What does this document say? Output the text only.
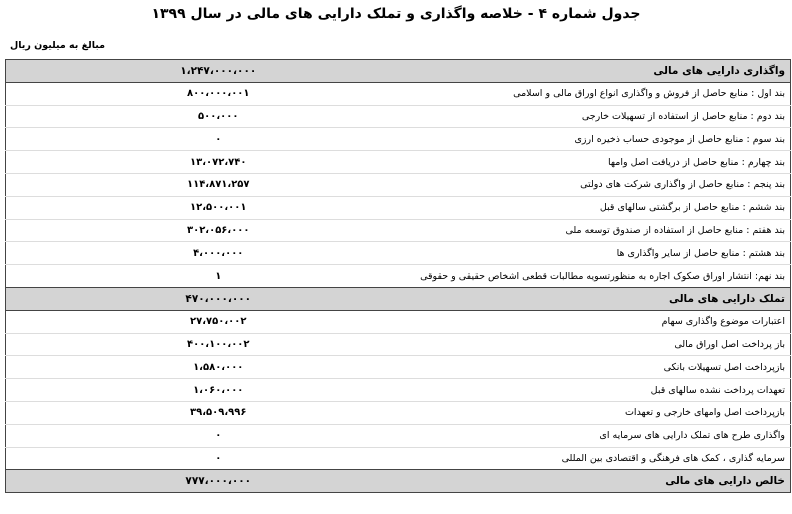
جدول شماره ۴ - خلاصه واگذاری و تملک دارایی های مالی در سال ۱۳۹۹
مبالغ به میلیون ریال
واگذاری دارایی های مالی	۱،۲۴۷،۰۰۰،۰۰۰
بند اول : منابع حاصل از فروش و واگذاری انواع اوراق مالی و اسلامی	۸۰۰،۰۰۰،۰۰۱
بند دوم : منابع حاصل از استفاده از تسهیلات خارجی	۵۰۰،۰۰۰
بند سوم : منابع حاصل از موجودی حساب ذخیره ارزی	۰
بند چهارم : منابع حاصل از دریافت اصل وامها	۱۳،۰۷۲،۷۴۰
بند پنجم : منابع حاصل از واگذاری شرکت های دولتی	۱۱۴،۸۷۱،۲۵۷
بند ششم : منابع حاصل از برگشتی سالهای قبل	۱۲،۵۰۰،۰۰۱
بند هفتم : منابع حاصل از استفاده از صندوق توسعه ملی	۳۰۲،۰۵۶،۰۰۰
بند هشتم : منابع حاصل از سایر واگذاری ها	۴،۰۰۰،۰۰۰
بند نهم: انتشار اوراق صکوک اجاره به منظورتسویه مطالبات قطعی اشخاص حقیقی و حقوقی	۱
تملک دارایی های مالی	۴۷۰،۰۰۰،۰۰۰
اعتبارات موضوع واگذاری سهام	۲۷،۷۵۰،۰۰۲
باز پرداخت اصل اوراق مالی	۴۰۰،۱۰۰،۰۰۲
بازپرداخت اصل تسهیلات بانکی	۱،۵۸۰،۰۰۰
تعهدات پرداخت نشده سالهای قبل	۱،۰۶۰،۰۰۰
بازپرداخت اصل وامهای خارجی و تعهدات	۳۹،۵۰۹،۹۹۶
واگذاری طرح های تملک دارایی های سرمایه ای	۰
سرمایه گذاری ، کمک های فرهنگی و اقتصادی بین المللی	۰
خالص دارایی های مالی	۷۷۷،۰۰۰،۰۰۰
